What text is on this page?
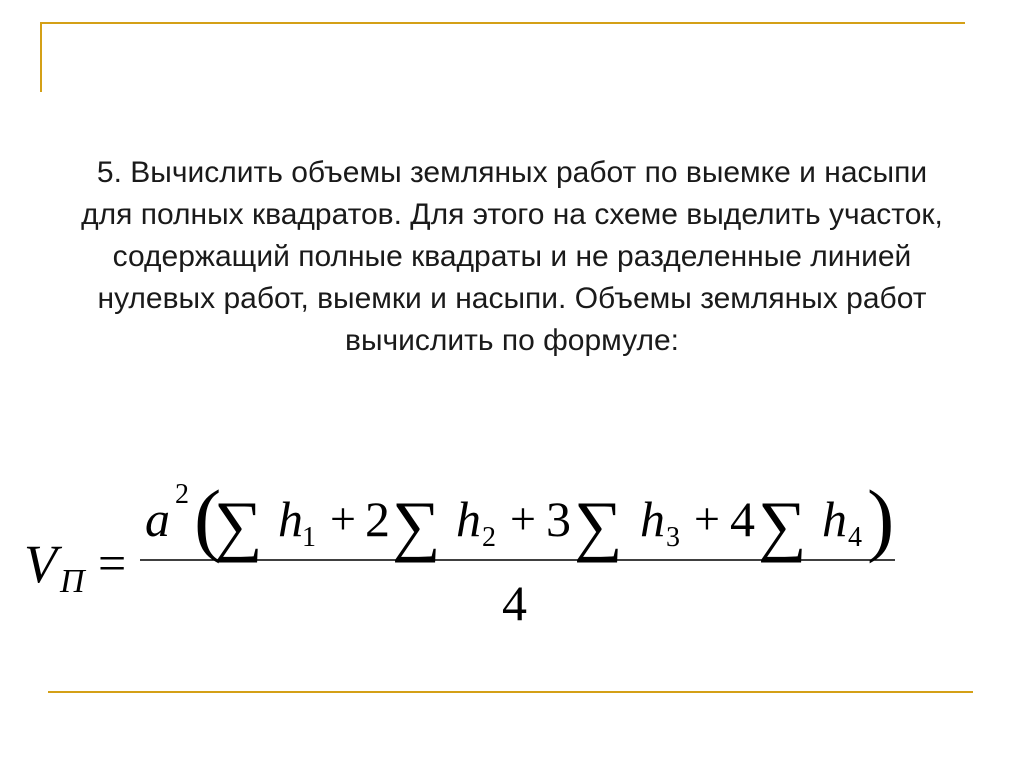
5. Вычислить объемы земляных работ по выемке и насыпи
для полных квадратов. Для этого на схеме выделить участок,
содержащий полные квадраты и не разделенные линией
нулевых работ, выемки и насыпи. Объемы земляных работ
вычислить по формуле:
V П =
a 2 (
∑ h 1 + 2 ∑ h 2 + 3 ∑ h 3 + 4 ∑ h 4 )
4
